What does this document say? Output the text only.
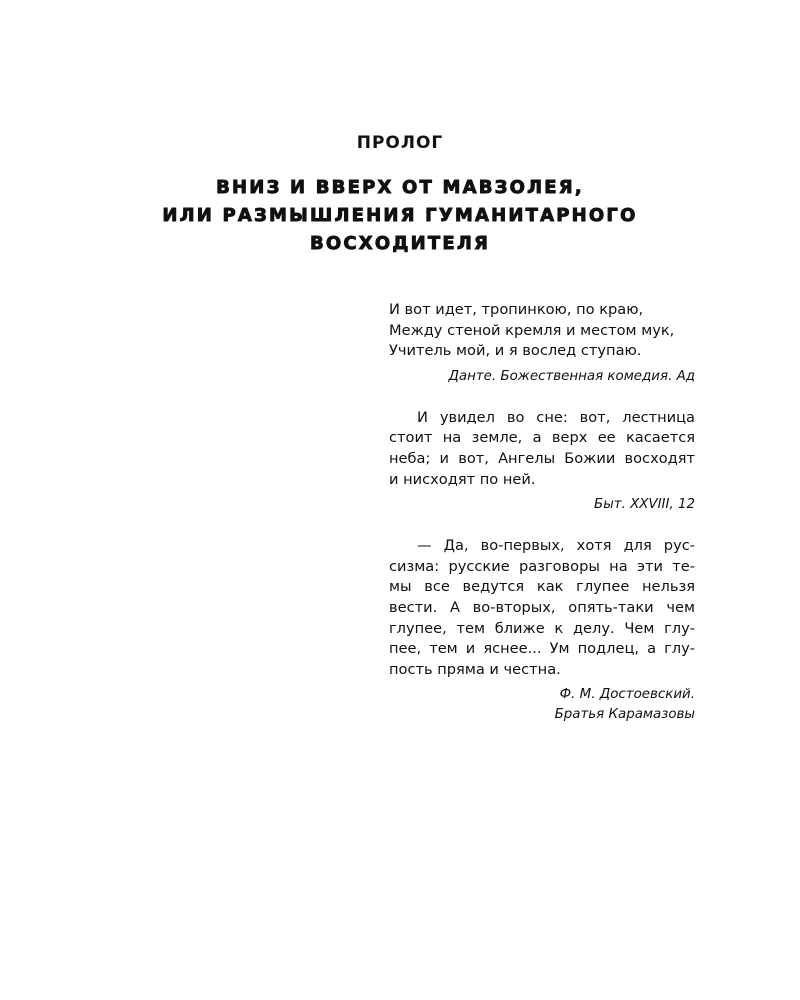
ПРОЛОГ
ВНИЗ И ВВЕРХ ОТ МАВЗОЛЕЯ,
ИЛИ РАЗМЫШЛЕНИЯ ГУМАНИТАРНОГО
ВОСХОДИТЕЛЯ
И вот идет, тропинкою, по краю,
Между стеной кремля и местом мук,
Учитель мой, и я вослед ступаю.
Данте. Божественная комедия. Ад
И увидел во сне: вот, лестница
стоит на земле, а верх ее касается
неба; и вот, Ангелы Божии восходят
и нисходят по ней.
Быт. XXVIII, 12
— Да, во-первых, хотя для рус-
сизма: русские разговоры на эти те-
мы все ведутся как глупее нельзя
вести. А во-вторых, опять-таки чем
глупее, тем ближе к делу. Чем глу-
пее, тем и яснее... Ум подлец, а глу-
пость пряма и честна.
Ф. М. Достоевский.
Братья Карамазовы
